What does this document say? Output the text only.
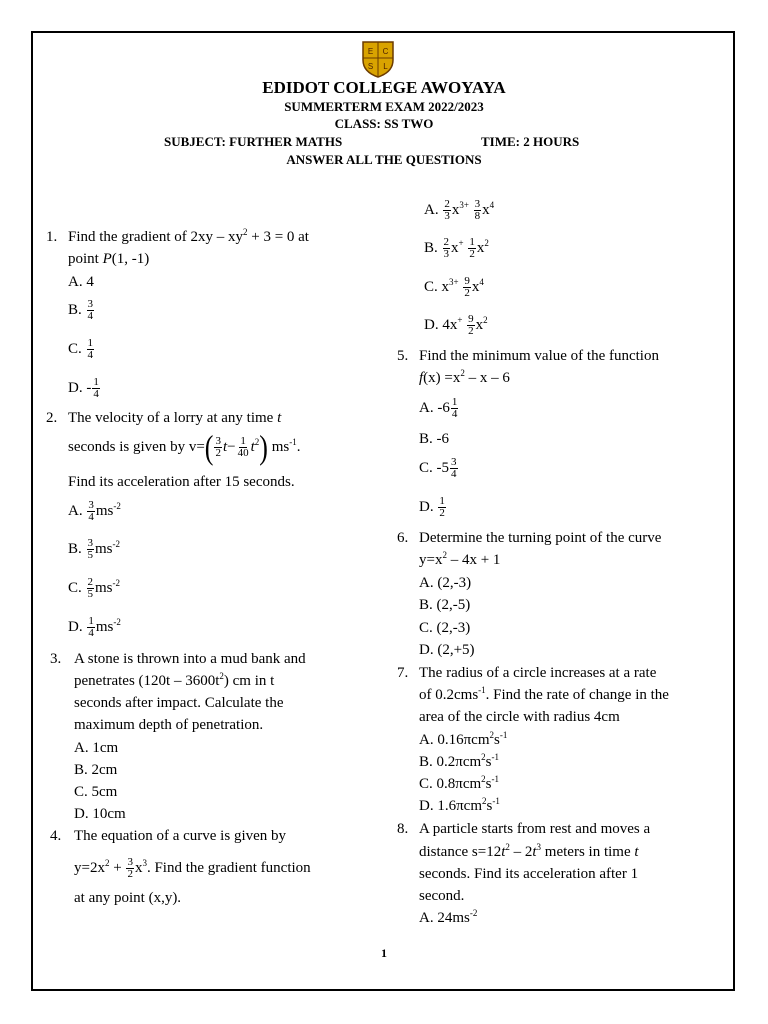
E C
S L
EDIDOT COLLEGE AWOYAYA
SUMMERTERM EXAM 2022/2023
CLASS: SS TWO
SUBJECT: FURTHER MATHS	TIME: 2 HOURS
ANSWER ALL THE QUESTIONS
1. Find the gradient of $2xy - xy^2 + 3 = 0$ at
point P(1, -1)
A. 4
B. $\frac{3}{4}$
C. $\frac{1}{4}$
D. - $\frac{1}{4}$
2. The velocity of a lorry at any time t
seconds is given by $v=( \frac{3}{2} t- \frac{1}{40} t^2)$ $ms^{-1}$.
Find its acceleration after 15 seconds.
A. $\frac{3}{4} ms^{-2}$
B. $\frac{3}{5} ms^{-2}$
C. $\frac{2}{5} ms^{-2}$
D. $\frac{1}{4} ms^{-2}$
3. A stone is thrown into a mud bank and
penetrates $(120t - 3600t^2)$ cm in t
seconds after impact. Calculate the
maximum depth of penetration.
A. 1cm
B. 2cm
C. 5cm
D. 10cm
4. The equation of a curve is given by
$y=2x^2 + \frac{3}{2} x^3$. Find the gradient function
at any point (x,y).
A. $\frac{2}{3} x^{3+} \frac{3}{8} x^4$
B. $\frac{2}{3} x^+ \frac{1}{2} x^2$
C. $x^{3+} \frac{9}{2} x^4$
D. $4x^+ \frac{9}{2} x^2$
5. Find the minimum value of the function
$f(x) =x^2 - x - 6$
A. $-6 \frac{1}{4}$
B. -6
C. $-5 \frac{3}{4}$
D. $\frac{1}{2}$
6. Determine the turning point of the curve
$y=x^2 - 4x + 1$
A. (2,-3)
B. (2,-5)
C. (2,-3)
D. (2,+5)
7. The radius of a circle increases at a rate
of 0.2cms$^{-1}$. Find the rate of change in the
area of the circle with radius 4cm
A. $0.16\pi cm^2s^{-1}$
B. $0.2\pi cm^2s^{-1}$
C. $0.8\pi cm^2s^{-1}$
D. $1.6\pi cm^2s^{-1}$
8. A particle starts from rest and moves a
distance $s=12t^2 - 2t^3$ meters in time t
seconds. Find its acceleration after 1
second.
A. $24ms^{-2}$
1
